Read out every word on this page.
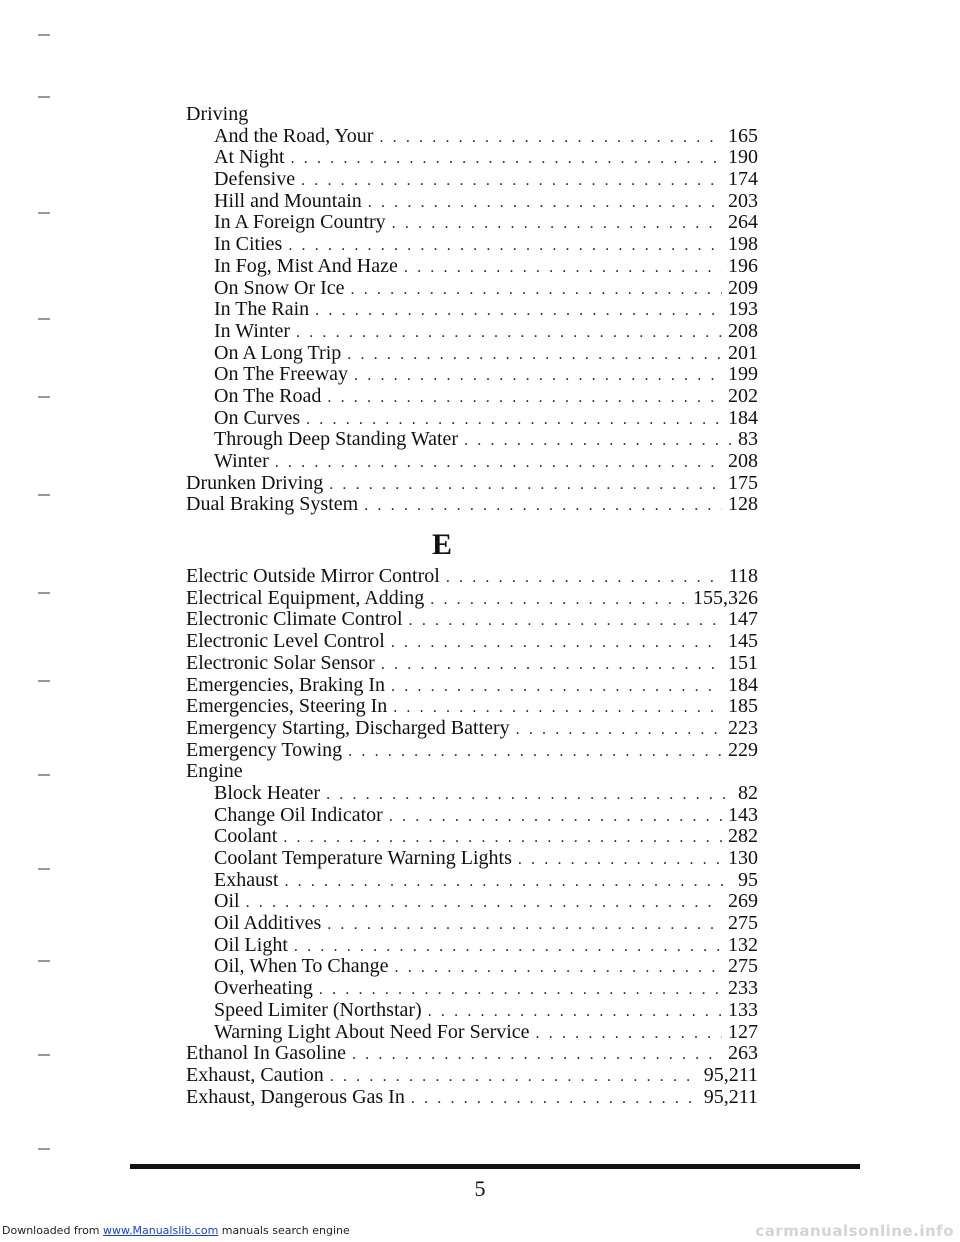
Downloaded from www.Manualslib.com manuals search engine	carmanualsonline.info
Driving
And the Road, Your . . .	165
At Night . . .	190
Defensive . . .	174
Hill and Mountain . . .	203
In A Foreign Country . . .	264
In Cities . . .	198
In Fog, Mist And Haze . . .	196
On Snow Or Ice . . .	209
In The Rain . . .	193
In Winter . . .	208
On A Long Trip . . .	201
On The Freeway . . .	199
On The Road . . .	202
On Curves . . .	184
Through Deep Standing Water . . .	83
Winter . . .	208
Drunken Driving . . .	175
Dual Braking System . . .	128
E
Electric Outside Mirror Control . . .	118
Electrical Equipment, Adding . . .	155,326
Electronic Climate Control . . .	147
Electronic Level Control . . .	145
Electronic Solar Sensor . . .	151
Emergencies, Braking In . . .	184
Emergencies, Steering In . . .	185
Emergency Starting, Discharged Battery . . .	223
Emergency Towing . . .	229
Engine
Block Heater . . .	82
Change Oil Indicator . . .	143
Coolant . . .	282
Coolant Temperature Warning Lights . . .	130
Exhaust . . .	95
Oil . . .	269
Oil Additives . . .	275
Oil Light . . .	132
Oil, When To Change . . .	275
Overheating . . .	233
Speed Limiter (Northstar) . . .	133
Warning Light About Need For Service . . .	127
Ethanol In Gasoline . . .	263
Exhaust, Caution . . .	95,211
Exhaust, Dangerous Gas In . . .	95,211
5
